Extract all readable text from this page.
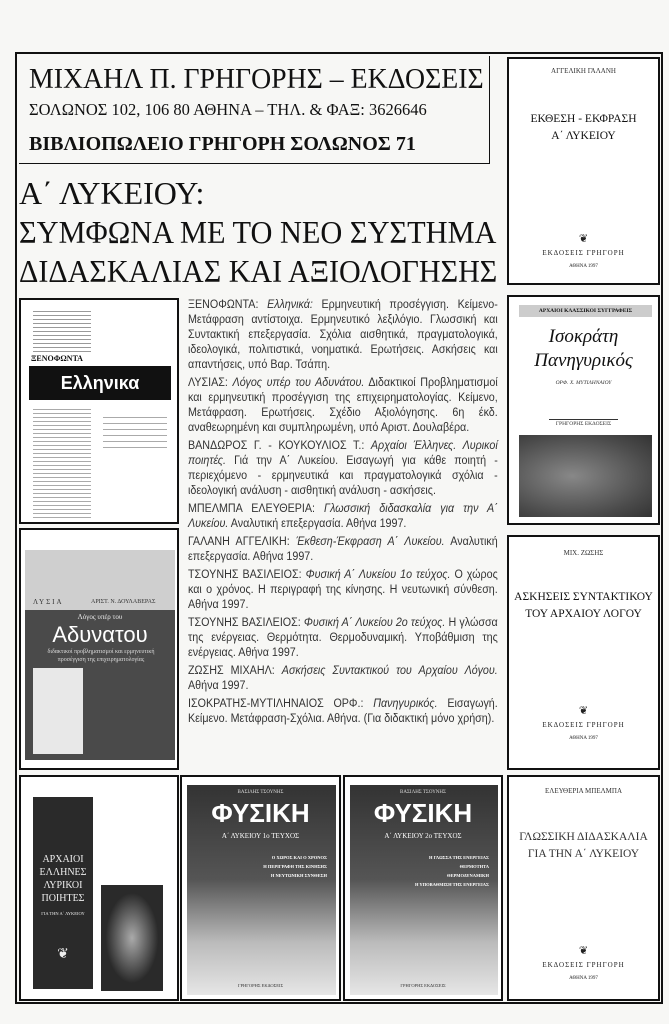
ΜΙΧΑΗΛ Π. ΓΡΗΓΟΡΗΣ – ΕΚΔΟΣΕΙΣ
ΣΟΛΩΝΟΣ 102, 106 80 ΑΘΗΝΑ – ΤΗΛ. & ΦΑΞ: 3626646
ΒΙΒΛΙΟΠΩΛΕΙΟ ΓΡΗΓΟΡΗ ΣΟΛΩΝΟΣ 71
Α΄ ΛΥΚΕΙΟΥ:
ΣΥΜΦΩΝΑ ΜΕ ΤΟ ΝΕΟ ΣΥΣΤΗΜΑ
ΔΙΔΑΣΚΑΛΙΑΣ ΚΑΙ ΑΞΙΟΛΟΓΗΣΗΣ

ΞΕΝΟΦΩΝΤΑ: Ελληνικά: Ερμηνευτική προσέγγιση. Κείμενο-Μετάφραση αντίστοιχα. Ερμηνευτικό λεξιλόγιο. Γλωσσική και Συντακτική επεξεργασία. Σχόλια αισθητικά, πραγματολογικά, ιδεολογικά, πολιτιστικά, νοηματικά. Ερωτήσεις. Ασκήσεις και απαντήσεις, υπό Βαρ. Τσάπη.

ΛΥΣΙΑΣ: Λόγος υπέρ του Αδυνάτου. Διδακτικοί Προβληματισμοί και ερμηνευτική προσέγγιση της επιχειρηματολογίας. Κείμενο, Μετάφραση. Ερωτήσεις. Σχέδιο Αξιολόγησης. 6η έκδ. αναθεωρημένη και συμπληρωμένη, υπό Αριστ. Δουλαβέρα.

ΒΑΝΔΩΡΟΣ Γ. - ΚΟΥΚΟΥΛΙΟΣ Τ.: Αρχαίοι Έλληνες. Λυρικοί ποιητές. Γιά την Α΄ Λυκείου. Εισαγωγή για κάθε ποιητή - περιεχόμενο - ερμηνευτικά και πραγματολογικά σχόλια - ιδεολογική ανάλυση - αισθητική ανάλυση - ασκήσεις.

ΜΠΕΛΜΠΑ ΕΛΕΥΘΕΡΙΑ: Γλωσσική διδασκαλία για την Α΄ Λυκείου. Αναλυτική επεξεργασία. Αθήνα 1997.

ΓΑΛΑΝΗ ΑΓΓΕΛΙΚΗ: Έκθεση-Έκφραση Α΄ Λυκείου. Αναλυτική επεξεργασία. Αθήνα 1997.

ΤΣΟΥΝΗΣ ΒΑΣΙΛΕΙΟΣ: Φυσική Α΄ Λυκείου 1ο τεύχος. Ο χώρος και ο χρόνος. Η περιγραφή της κίνησης. Η νευτωνική σύνθεση. Αθήνα 1997.

ΤΣΟΥΝΗΣ ΒΑΣΙΛΕΙΟΣ: Φυσική Α΄ Λυκείου 2ο τεύχος. Η γλώσσα της ενέργειας. Θερμότητα. Θερμοδυναμική. Υποβάθμιση της ενέργειας. Αθήνα 1997.

ΖΩΣΗΣ ΜΙΧΑΗΛ: Ασκήσεις Συντακτικού του Αρχαίου Λόγου. Αθήνα 1997.

ΙΣΟΚΡΑΤΗΣ-ΜΥΤΙΛΗΝΑΙΟΣ ΟΡΦ.: Πανηγυρικός. Εισαγωγή. Κείμενο. Μετάφραση-Σχόλια. Αθήνα. (Για διδακτική μόνο χρήση).

ΞΕΝΟΦΩΝΤΑ
Ελληνικα
ΛΥΣΙΑ	ΑΡΙΣΤ. Ν. ΔΟΥΛΑΒΕΡΑΣ
Λόγος υπέρ του
Αδυνατου
διδακτικοί προβληματισμοί και ερμηνευτική προσέγγιση της επιχειρηματολογίας
ΑΓΓΕΛΙΚΗ ΓΑΛΑΝΗ
ΕΚΘΕΣΗ - ΕΚΦΡΑΣΗ
Α΄ ΛΥΚΕΙΟΥ
❦
ΕΚΔΟΣΕΙΣ ΓΡΗΓΟΡΗ
ΑΘΗΝΑ 1997
ΑΡΧΑΙΟΙ ΚΛΑΣΣΙΚΟΙ ΣΥΓΓΡΑΦΕΙΣ
Ισοκράτη
Πανηγυρικός
ΟΡΦ. Χ. ΜΥΤΙΛΗΝΑΙΟΥ
ΓΡΗΓΟΡΗΣ ΕΚΔΟΣΕΙΣ
ΜΙΧ. ΖΩΣΗΣ
ΑΣΚΗΣΕΙΣ ΣΥΝΤΑΚΤΙΚΟΥ
ΤΟΥ ΑΡΧΑΙΟΥ ΛΟΓΟΥ
❦
ΕΚΔΟΣΕΙΣ ΓΡΗΓΟΡΗ
ΑΘΗΝΑ 1997
ΕΛΕΥΘΕΡΙΑ ΜΠΕΛΜΠΑ
ΓΛΩΣΣΙΚΗ ΔΙΔΑΣΚΑΛΙΑ
ΓΙΑ ΤΗΝ Α΄ ΛΥΚΕΙΟΥ
❦
ΕΚΔΟΣΕΙΣ ΓΡΗΓΟΡΗ
ΑΘΗΝΑ 1997
ΑΡΧΑΙΟΙ
ΕΛΛΗΝΕΣ
ΛΥΡΙΚΟΙ
ΠΟΙΗΤΕΣ
ΓΙΑ ΤΗΝ Α΄ ΛΥΚΕΙΟΥ
❦
ΒΑΣΙΛΗΣ ΤΣΟΥΝΗΣ
ΦΥΣΙΚΗ
Α΄ ΛΥΚΕΙΟΥ 1ο ΤΕΥΧΟΣ
Ο ΧΩΡΟΣ ΚΑΙ Ο ΧΡΟΝΟΣ
Η ΠΕΡΙΓΡΑΦΗ ΤΗΣ ΚΙΝΗΣΗΣ
Η ΝΕΥΤΩΝΙΚΗ ΣΥΝΘΕΣΗ
ΓΡΗΓΟΡΗΣ ΕΚΔΟΣΕΙΣ
ΒΑΣΙΛΗΣ ΤΣΟΥΝΗΣ
ΦΥΣΙΚΗ
Α΄ ΛΥΚΕΙΟΥ 2ο ΤΕΥΧΟΣ
Η ΓΛΩΣΣΑ ΤΗΣ ΕΝΕΡΓΕΙΑΣ
ΘΕΡΜΟΤΗΤΑ
ΘΕΡΜΟΔΥΝΑΜΙΚΗ
Η ΥΠΟΒΑΘΜΙΣΗ ΤΗΣ ΕΝΕΡΓΕΙΑΣ
ΓΡΗΓΟΡΗΣ ΕΚΔΟΣΕΙΣ
